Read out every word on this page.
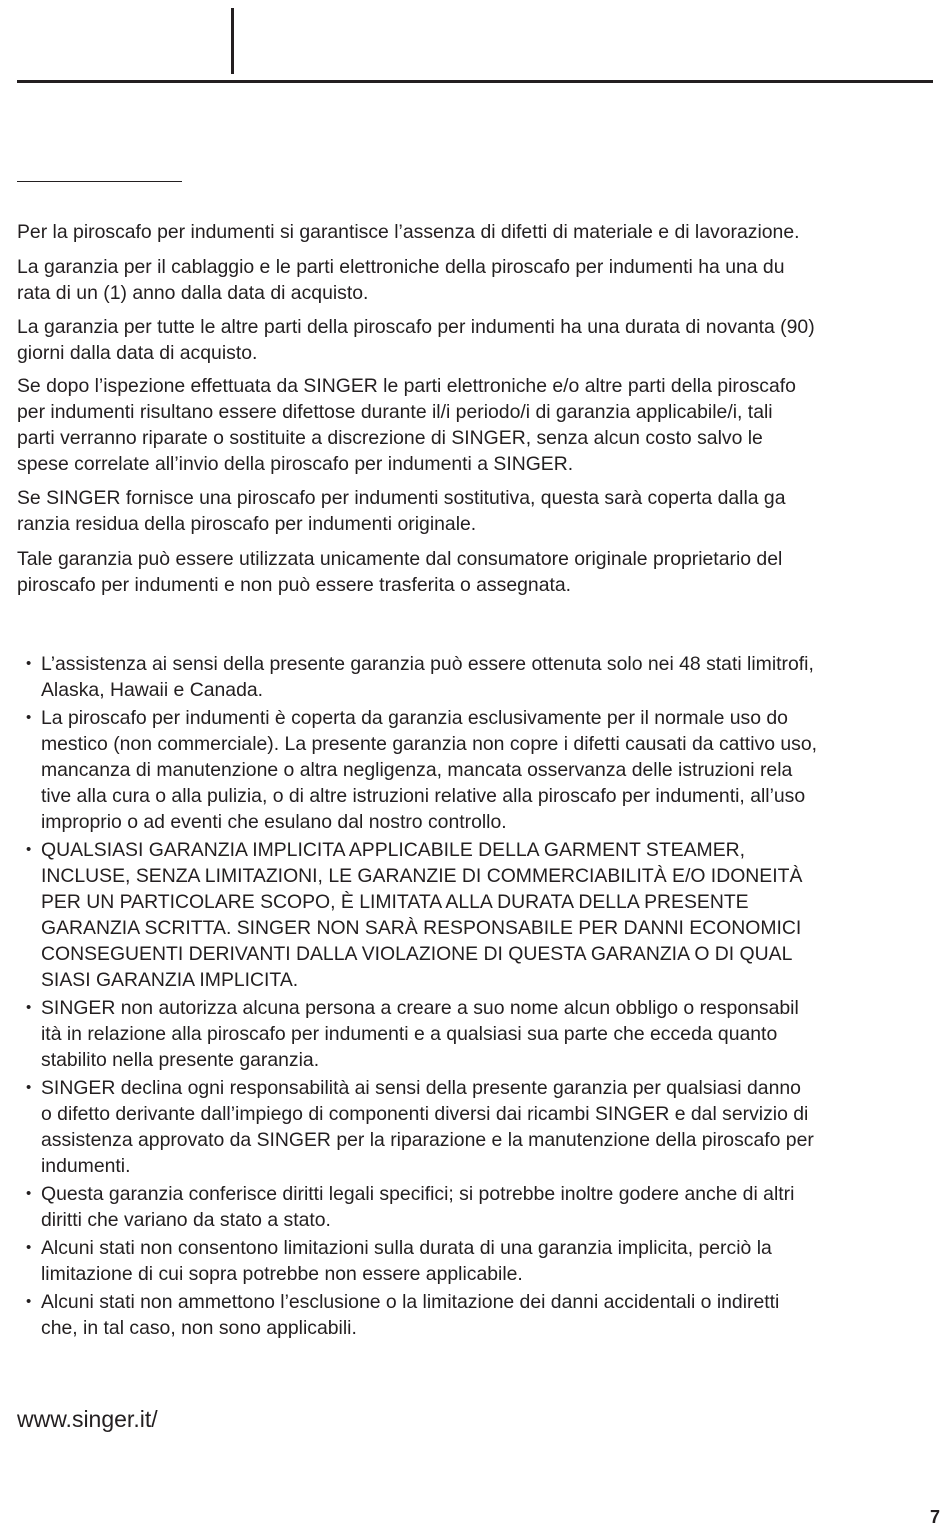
Per la piroscafo per indumenti si garantisce l’assenza di difetti di materiale e di lavorazione.

La garanzia per il cablaggio e le parti elettroniche della piroscafo per indumenti ha una du
rata di un (1) anno dalla data di acquisto.

La garanzia per tutte le altre parti della piroscafo per indumenti ha una durata di novanta (90)
giorni dalla data di acquisto.

Se dopo l’ispezione effettuata da SINGER le parti elettroniche e/o altre parti della piroscafo
per indumenti risultano essere difettose durante il/i periodo/i di garanzia applicabile/i, tali
parti verranno riparate o sostituite a discrezione di SINGER, senza alcun costo salvo le
spese correlate all’invio della piroscafo per indumenti a SINGER.

Se SINGER fornisce una piroscafo per indumenti sostitutiva, questa sarà coperta dalla ga
ranzia residua della piroscafo per indumenti originale.

Tale garanzia può essere utilizzata unicamente dal consumatore originale proprietario del
piroscafo per indumenti e non può essere trasferita o assegnata.

• L’assistenza ai sensi della presente garanzia può essere ottenuta solo nei 48 stati limitrofi,
Alaska, Hawaii e Canada.
• La piroscafo per indumenti è coperta da garanzia esclusivamente per il normale uso do
mestico (non commerciale). La presente garanzia non copre i difetti causati da cattivo uso,
mancanza di manutenzione o altra negligenza, mancata osservanza delle istruzioni rela
tive alla cura o alla pulizia, o di altre istruzioni relative alla piroscafo per indumenti, all’uso
improprio o ad eventi che esulano dal nostro controllo.
• QUALSIASI GARANZIA IMPLICITA APPLICABILE DELLA GARMENT STEAMER,
INCLUSE, SENZA LIMITAZIONI, LE GARANZIE DI COMMERCIABILITÀ E/O IDONEITÀ
PER UN PARTICOLARE SCOPO, È LIMITATA ALLA DURATA DELLA PRESENTE
GARANZIA SCRITTA. SINGER NON SARÀ RESPONSABILE PER DANNI ECONOMICI
CONSEGUENTI DERIVANTI DALLA VIOLAZIONE DI QUESTA GARANZIA O DI QUAL
SIASI GARANZIA IMPLICITA.
• SINGER non autorizza alcuna persona a creare a suo nome alcun obbligo o responsabil
ità in relazione alla piroscafo per indumenti e a qualsiasi sua parte che ecceda quanto
stabilito nella presente garanzia.
• SINGER declina ogni responsabilità ai sensi della presente garanzia per qualsiasi danno
o difetto derivante dall’impiego di componenti diversi dai ricambi SINGER e dal servizio di
assistenza approvato da SINGER per la riparazione e la manutenzione della piroscafo per
indumenti.
• Questa garanzia conferisce diritti legali specifici; si potrebbe inoltre godere anche di altri
diritti che variano da stato a stato.
• Alcuni stati non consentono limitazioni sulla durata di una garanzia implicita, perciò la
limitazione di cui sopra potrebbe non essere applicabile.
• Alcuni stati non ammettono l’esclusione o la limitazione dei danni accidentali o indiretti
che, in tal caso, non sono applicabili.

www.singer.it/

7
